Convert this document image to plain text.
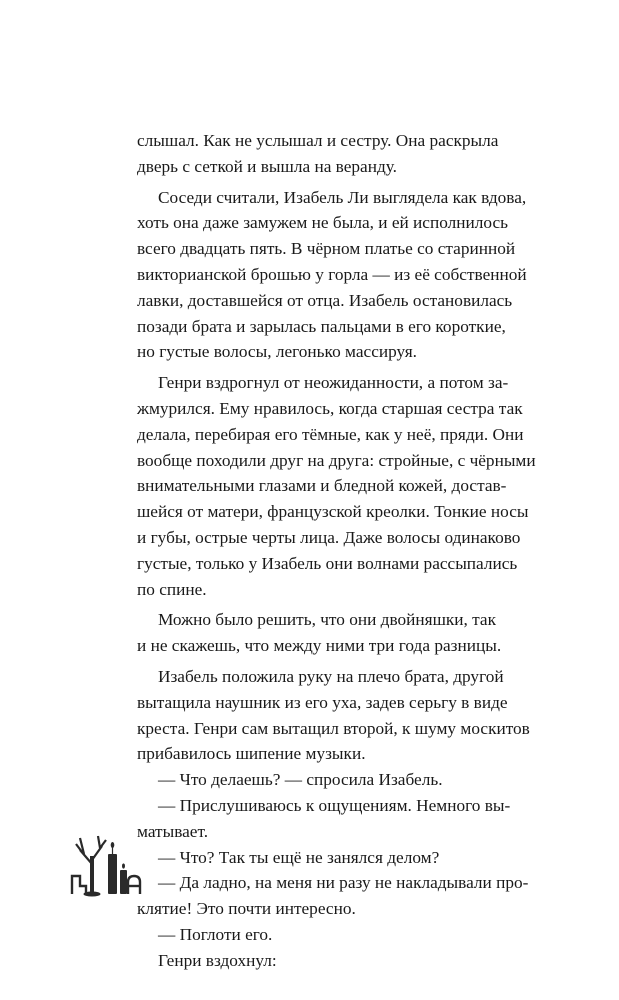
слышал. Как не услышал и сестру. Она раскрыла
дверь с сеткой и вышла на веранду.
Соседи считали, Изабель Ли выглядела как вдова,
хоть она даже замужем не была, и ей исполнилось
всего двадцать пять. В чёрном платье со старинной
викторианской брошью у горла — из её собственной
лавки, доставшейся от отца. Изабель остановилась
позади брата и зарылась пальцами в его короткие,
но густые волосы, легонько массируя.
Генри вздрогнул от неожиданности, а потом за-
жмурился. Ему нравилось, когда старшая сестра так
делала, перебирая его тёмные, как у неё, пряди. Они
вообще походили друг на друга: стройные, с чёрными
внимательными глазами и бледной кожей, достав-
шейся от матери, французской креолки. Тонкие носы
и губы, острые черты лица. Даже волосы одинаково
густые, только у Изабель они волнами рассыпались
по спине.
Можно было решить, что они двойняшки, так
и не скажешь, что между ними три года разницы.
Изабель положила руку на плечо брата, другой
вытащила наушник из его уха, задев серьгу в виде
креста. Генри сам вытащил второй, к шуму москитов
прибавилось шипение музыки.
— Что делаешь? — спросила Изабель.
— Прислушиваюсь к ощущениям. Немного вы-
матывает.
— Что? Так ты ещё не занялся делом?
— Да ладно, на меня ни разу не накладывали про-
клятие! Это почти интересно.
— Поглоти его.
Генри вздохнул:
